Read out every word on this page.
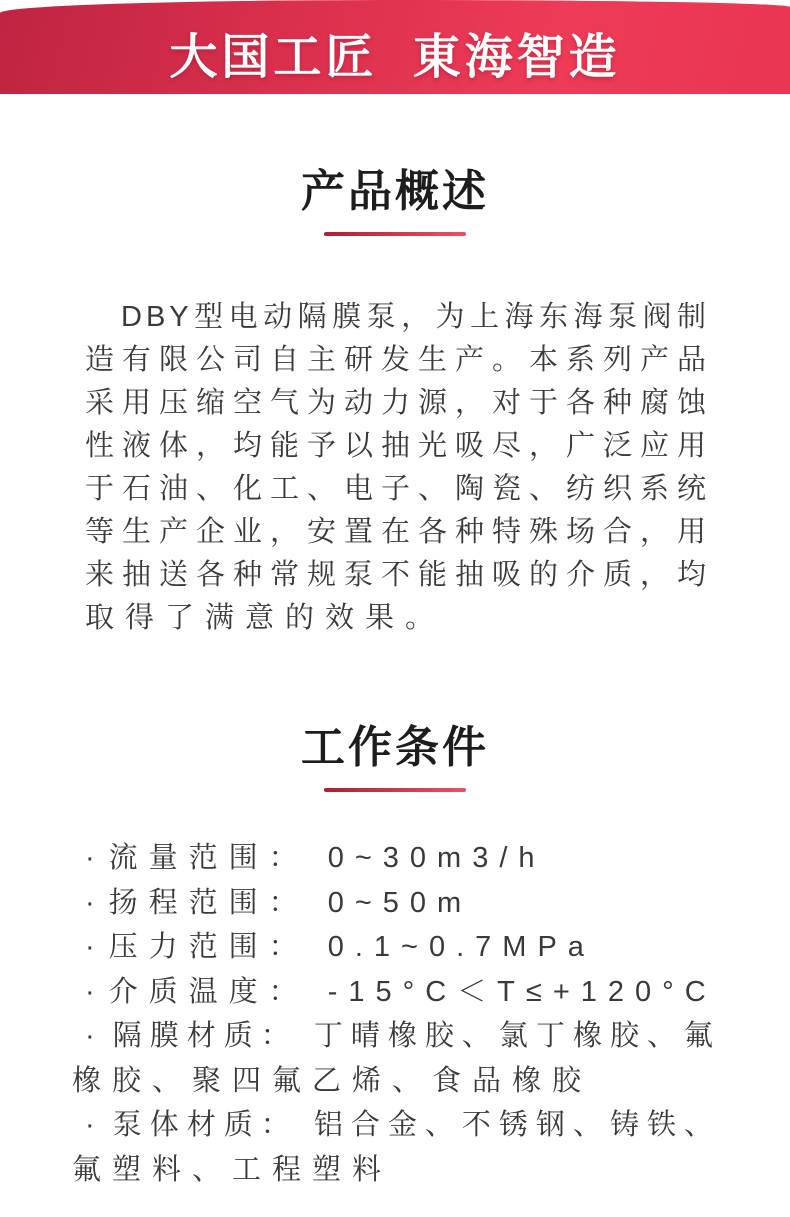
大国工匠 東海智造
产品概述
DBY型电动隔膜泵，为上海东海泵阀制
造有限公司自主研发生产。本系列产品
采用压缩空气为动力源，对于各种腐蚀
性液体，均能予以抽光吸尽，广泛应用
于石油、化工、电子、陶瓷、纺织系统
等生产企业，安置在各种特殊场合，用
来抽送各种常规泵不能抽吸的介质，均
取得了满意的效果。
工作条件
· 流量范围： 0~30m3/h
· 扬程范围： 0~50m
· 压力范围： 0.1~0.7MPa
· 介质温度： -15°C＜T≤+120°C
· 隔膜材质： 丁晴橡胶、氯丁橡胶、氟
橡胶、聚四氟乙烯、食品橡胶
· 泵体材质： 铝合金、不锈钢、铸铁、
氟塑料、工程塑料
